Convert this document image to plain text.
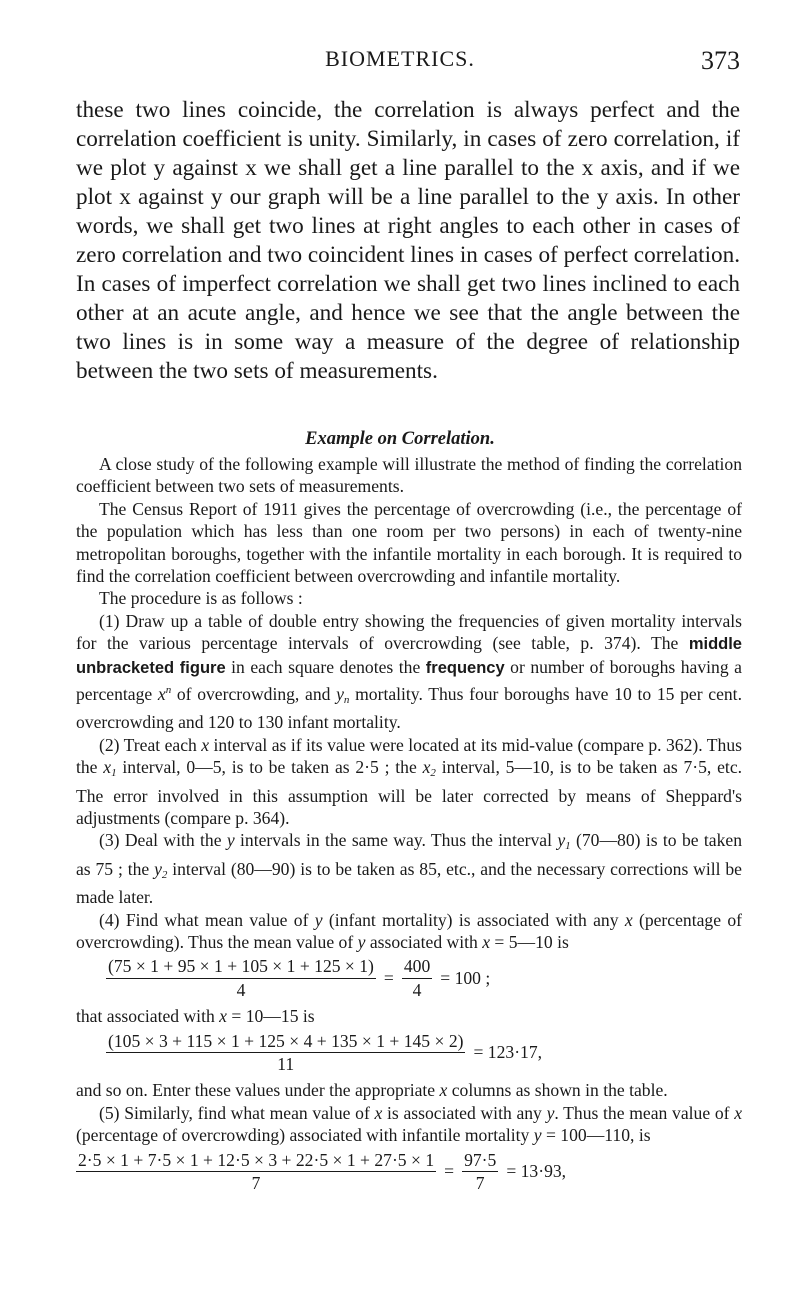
BIOMETRICS.	373

these two lines coincide, the correlation is always perfect and the correlation coefficient is unity. Similarly, in cases of zero correlation, if we plot y against x we shall get a line parallel to the x axis, and if we plot x against y our graph will be a line parallel to the y axis. In other words, we shall get two lines at right angles to each other in cases of zero correlation and two coincident lines in cases of perfect correlation. In cases of imperfect correlation we shall get two lines inclined to each other at an acute angle, and hence we see that the angle between the two lines is in some way a measure of the degree of relationship between the two sets of measurements.

Example on Correlation.

A close study of the following example will illustrate the method of finding the correlation coefficient between two sets of measurements.

The Census Report of 1911 gives the percentage of overcrowding (i.e., the percentage of the population which has less than one room per two persons) in each of twenty-nine metropolitan boroughs, together with the infantile mortality in each borough. It is required to find the correlation coefficient between overcrowding and infantile mortality.

The procedure is as follows :

(1) Draw up a table of double entry showing the frequencies of given mortality intervals for the various percentage intervals of overcrowding (see table, p. 374). The middle unbracketed figure in each square denotes the frequency or number of boroughs having a percentage $x^n$ of overcrowding, and $y_n$ mortality. Thus four boroughs have 10 to 15 per cent. overcrowding and 120 to 130 infant mortality.

(2) Treat each x interval as if its value were located at its mid-value (compare p. 362). Thus the $x_1$ interval, 0—5, is to be taken as 2·5 ; the $x_2$ interval, 5—10, is to be taken as 7·5, etc. The error involved in this assumption will be later corrected by means of Sheppard's adjustments (compare p. 364).

(3) Deal with the y intervals in the same way. Thus the interval $y_1$ (70—80) is to be taken as 75 ; the $y_2$ interval (80—90) is to be taken as 85, etc., and the necessary corrections will be made later.

(4) Find what mean value of y (infant mortality) is associated with any x (percentage of overcrowding). Thus the mean value of y associated with x = 5—10 is

$\frac{(75 \times 1 + 95 \times 1 + 105 \times 1 + 125 \times 1)}{4} = \frac{400}{4} = 100$ ;

that associated with x = 10—15 is

$\frac{(105 \times 3 + 115 \times 1 + 125 \times 4 + 135 \times 1 + 145 \times 2)}{11} = 123\cdot 17$,

and so on. Enter these values under the appropriate x columns as shown in the table.

(5) Similarly, find what mean value of x is associated with any y. Thus the mean value of x (percentage of overcrowding) associated with infantile mortality y = 100—110, is

$\frac{2\cdot 5 \times 1 + 7\cdot 5 \times 1 + 12\cdot 5 \times 3 + 22\cdot 5 \times 1 + 27\cdot 5 \times 1}{7} = \frac{97\cdot 5}{7} = 13\cdot 93$,
